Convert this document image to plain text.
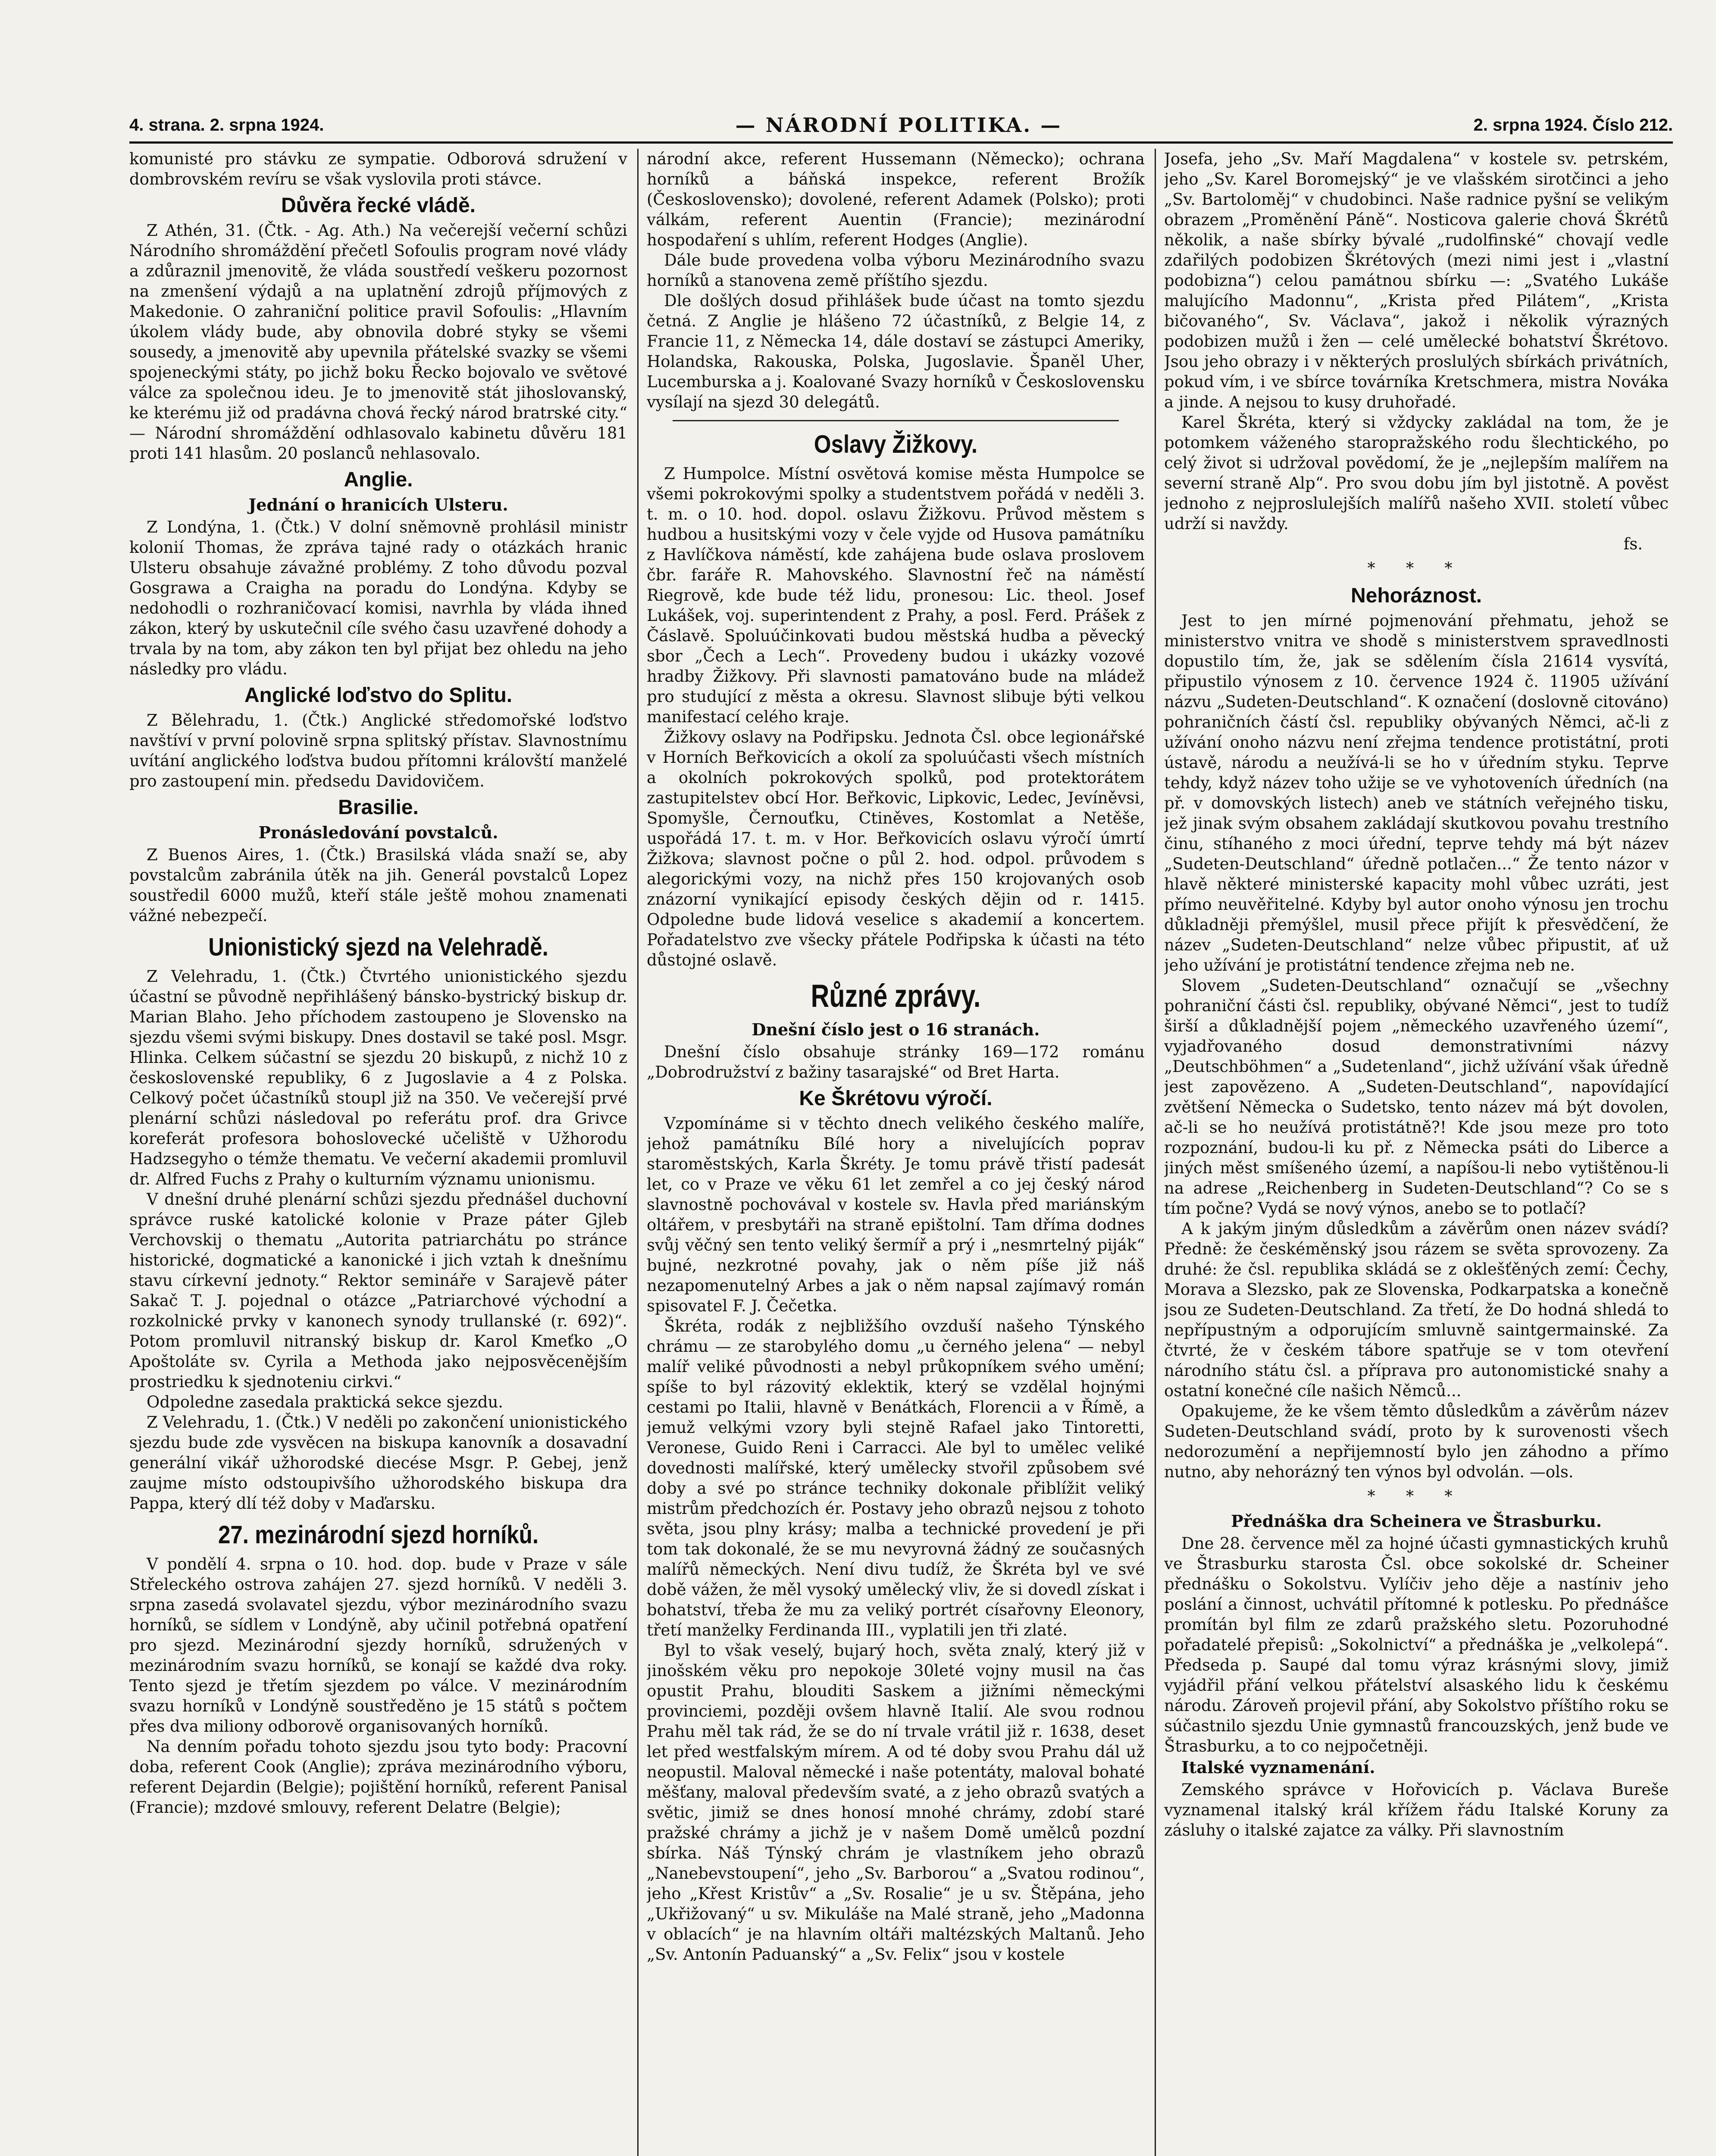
4. strana. 2. srpna 1924.	— NÁRODNÍ POLITIKA. —	2. srpna 1924. Číslo 212.

komunisté pro stávku ze sympatie. Odborová sdružení v dombrovském revíru se však vyslovila proti stávce.

Důvěra řecké vládě.

Z Athén, 31. (Čtk. - Ag. Ath.) Na večerejší večerní schůzi Národního shromáždění přečetl Sofoulis program nové vlády a zdůraznil jmenovitě, že vláda soustředí veškeru pozornost na zmenšení výdajů a na uplatnění zdrojů příjmových z Makedonie. O zahraniční politice pravil Sofoulis: „Hlavním úkolem vlády bude, aby obnovila dobré styky se všemi sousedy, a jmenovitě aby upevnila přátelské svazky se všemi spojeneckými státy, po jichž boku Řecko bojovalo ve světové válce za společnou ideu. Je to jmenovitě stát jihoslovanský, ke kterému již od pradávna chová řecký národ bratrské city.“ — Národní shromáždění odhlasovalo kabinetu důvěru 181 proti 141 hlasům. 20 poslanců nehlasovalo.

Anglie.
Jednání o hranicích Ulsteru.

Z Londýna, 1. (Čtk.) V dolní sněmovně prohlásil ministr kolonií Thomas, že zpráva tajné rady o otázkách hranic Ulsteru obsahuje závažné problémy. Z toho důvodu pozval Gosgrawa a Craigha na poradu do Londýna. Kdyby se nedohodli o rozhraničovací komisi, navrhla by vláda ihned zákon, který by uskutečnil cíle svého času uzavřené dohody a trvala by na tom, aby zákon ten byl přijat bez ohledu na jeho následky pro vládu.

Anglické loďstvo do Splitu.

Z Bělehradu, 1. (Čtk.) Anglické středomořské loďstvo navštíví v první polovině srpna splitský přístav. Slavnostnímu uvítání anglického loďstva budou přítomni královští manželé pro zastoupení min. předsedu Davidovičem.

Brasilie.
Pronásledování povstalců.

Z Buenos Aires, 1. (Čtk.) Brasilská vláda snaží se, aby povstalcům zabránila útěk na jih. Generál povstalců Lopez soustředil 6000 mužů, kteří stále ještě mohou znamenati vážné nebezpečí.

Unionistický sjezd na Velehradě.

Z Velehradu, 1. (Čtk.) Čtvrtého unionistického sjezdu účastní se původně nepřihlášený bánsko-bystrický biskup dr. Marian Blaho. Jeho příchodem zastoupeno je Slovensko na sjezdu všemi svými biskupy. Dnes dostavil se také posl. Msgr. Hlinka. Celkem súčastní se sjezdu 20 biskupů, z nichž 10 z československé republiky, 6 z Jugoslavie a 4 z Polska. Celkový počet účastníků stoupl již na 350. Ve večerejší prvé plenární schůzi následoval po referátu prof. dra Grivce koreferát profesora bohoslovecké učeliště v Užhorodu Hadzsegyho o témže thematu. Ve večerní akademii promluvil dr. Alfred Fuchs z Prahy o kulturním významu unionismu.

V dnešní druhé plenární schůzi sjezdu přednášel duchovní správce ruské katolické kolonie v Praze páter Gjleb Verchovskij o thematu „Autorita patriarchátu po stránce historické, dogmatické a kanonické i jich vztah k dnešnímu stavu církevní jednoty.“ Rektor semináře v Sarajevě páter Sakač T. J. pojednal o otázce „Patriarchové východní a rozkolnické prvky v kanonech synody trullanské (r. 692)“. Potom promluvil nitranský biskup dr. Karol Kmeťko „O Apoštoláte sv. Cyrila a Methoda jako nejposvěcenějším prostriedku k sjednoteniu cirkvi.“

Odpoledne zasedala praktická sekce sjezdu.

Z Velehradu, 1. (Čtk.) V neděli po zakončení unionistického sjezdu bude zde vysvěcen na biskupa kanovník a dosavadní generální vikář užhorodské diecése Msgr. P. Gebej, jenž zaujme místo odstoupivšího užhorodského biskupa dra Pappa, který dlí též doby v Maďarsku.

27. mezinárodní sjezd horníků.

V pondělí 4. srpna o 10. hod. dop. bude v Praze v sále Střeleckého ostrova zahájen 27. sjezd horníků. V neděli 3. srpna zasedá svolavatel sjezdu, výbor mezinárodního svazu horníků, se sídlem v Londýně, aby učinil potřebná opatření pro sjezd. Mezinárodní sjezdy horníků, sdružených v mezinárodním svazu horníků, se konají se každé dva roky. Tento sjezd je třetím sjezdem po válce. V mezinárodním svazu horníků v Londýně soustředěno je 15 států s počtem přes dva miliony odborově organisovaných horníků.

Na denním pořadu tohoto sjezdu jsou tyto body: Pracovní doba, referent Cook (Anglie); zpráva mezinárodního výboru, referent Dejardin (Belgie); pojištění horníků, referent Panisal (Francie); mzdové smlouvy, referent Delatre (Belgie);

národní akce, referent Hussemann (Německo); ochrana horníků a báňská inspekce, referent Brožík (Československo); dovolené, referent Adamek (Polsko); proti válkám, referent Auentin (Francie); mezinárodní hospodaření s uhlím, referent Hodges (Anglie).

Dále bude provedena volba výboru Mezinárodního svazu horníků a stanovena země příštího sjezdu.

Dle došlých dosud přihlášek bude účast na tomto sjezdu četná. Z Anglie je hlášeno 72 účastníků, z Belgie 14, z Francie 11, z Německa 14, dále dostaví se zástupci Ameriky, Holandska, Rakouska, Polska, Jugoslavie. Španěl Uher, Lucemburska a j. Koalované Svazy horníků v Československu vysílají na sjezd 30 delegátů.

Oslavy Žižkovy.

Z Humpolce. Místní osvětová komise města Humpolce se všemi pokrokovými spolky a studentstvem pořádá v neděli 3. t. m. o 10. hod. dopol. oslavu Žižkovu. Průvod městem s hudbou a husitskými vozy v čele vyjde od Husova památníku z Havlíčkova náměstí, kde zahájena bude oslava proslovem čbr. faráře R. Mahovského. Slavnostní řeč na náměstí Riegrově, kde bude též lidu, pronesou: Lic. theol. Josef Lukášek, voj. superintendent z Prahy, a posl. Ferd. Prášek z Čáslavě. Spoluúčinkovati budou městská hudba a pěvecký sbor „Čech a Lech“. Provedeny budou i ukázky vozové hradby Žižkovy. Při slavnosti pamatováno bude na mládež pro studující z města a okresu. Slavnost slibuje býti velkou manifestací celého kraje.

Žižkovy oslavy na Podřipsku. Jednota Čsl. obce legionářské v Horních Beřkovicích a okolí za spoluúčasti všech místních a okolních pokrokových spolků, pod protektorátem zastupitelstev obcí Hor. Beřkovic, Lipkovic, Ledec, Jevíněvsi, Spomyšle, Černouťku, Ctiněves, Kostomlat a Netěše, uspořádá 17. t. m. v Hor. Beřkovicích oslavu výročí úmrtí Žižkova; slavnost počne o půl 2. hod. odpol. průvodem s alegorickými vozy, na nichž přes 150 krojovaných osob znázorní vynikající episody českých dějin od r. 1415. Odpoledne bude lidová veselice s akademií a koncertem. Pořadatelstvo zve všecky přátele Podřipska k účasti na této důstojné oslavě.

Různé zprávy.
Dnešní číslo jest o 16 stranách.

Dnešní číslo obsahuje stránky 169—172 románu „Dobrodružství z bažiny tasarajské“ od Bret Harta.

Ke Škrétovu výročí.

Vzpomínáme si v těchto dnech velikého českého malíře, jehož památníku Bílé hory a nivelujících poprav staroměstských, Karla Škréty. Je tomu právě třistí padesát let, co v Praze ve věku 61 let zemřel a co jej český národ slavnostně pochovával v kostele sv. Havla před mariánským oltářem, v presbytáři na straně epištolní. Tam dříma dodnes svůj věčný sen tento veliký šermíř a prý i „nesmrtelný piják“ bujné, nezkrotné povahy, jak o něm píše již náš nezapomenutelný Arbes a jak o něm napsal zajímavý román spisovatel F. J. Čečetka.

Škréta, rodák z nejbližšího ovzduší našeho Týnského chrámu — ze starobylého domu „u černého jelena“ — nebyl malíř veliké původnosti a nebyl průkopníkem svého umění; spíše to byl rázovitý eklektik, který se vzdělal hojnými cestami po Italii, hlavně v Benátkách, Florencii a v Římě, a jemuž velkými vzory byli stejně Rafael jako Tintoretti, Veronese, Guido Reni i Carracci. Ale byl to umělec veliké dovednosti malířské, který umělecky stvořil způsobem své doby a své po stránce techniky dokonale přiblížit veliký mistrům předchozích ér. Postavy jeho obrazů nejsou z tohoto světa, jsou plny krásy; malba a technické provedení je při tom tak dokonalé, že se mu nevyrovná žádný ze současných malířů německých. Není divu tudíž, že Škréta byl ve své době vážen, že měl vysoký umělecký vliv, že si dovedl získat i bohatství, třeba že mu za veliký portrét císařovny Eleonory, třetí manželky Ferdinanda III., vyplatili jen tři zlaté.

Byl to však veselý, bujarý hoch, světa znalý, který již v jinošském věku pro nepokoje 30leté vojny musil na čas opustit Prahu, blouditi Saskem a jižními německými provinciemi, později ovšem hlavně Italií. Ale svou rodnou Prahu měl tak rád, že se do ní trvale vrátil již r. 1638, deset let před westfalským mírem. A od té doby svou Prahu dál už neopustil. Maloval německé i naše potentáty, maloval bohaté měšťany, maloval především svaté, a z jeho obrazů svatých a světic, jimiž se dnes honosí mnohé chrámy, zdobí staré pražské chrámy a jichž je v našem Domě umělců pozdní sbírka. Náš Týnský chrám je vlastníkem jeho obrazů „Nanebevstoupení“, jeho „Sv. Barborou“ a „Svatou rodinou“, jeho „Křest Kristův“ a „Sv. Rosalie“ je u sv. Štěpána, jeho „Ukřižovaný“ u sv. Mikuláše na Malé straně, jeho „Madonna v oblacích“ je na hlavním oltáři maltézských Maltanů. Jeho „Sv. Antonín Paduanský“ a „Sv. Felix“ jsou v kostele

Josefa, jeho „Sv. Maří Magdalena“ v kostele sv. petrském, jeho „Sv. Karel Boromejský“ je ve vlašském sirotčinci a jeho „Sv. Bartoloměj“ v chudobinci. Naše radnice pyšní se velikým obrazem „Proměnění Páně“. Nosticova galerie chová Škrétů několik, a naše sbírky bývalé „rudolfinské“ chovají vedle zdařilých podobizen Škrétových (mezi nimi jest i „vlastní podobizna“) celou památnou sbírku —: „Svatého Lukáše malujícího Madonnu“, „Krista před Pilátem“, „Krista bičovaného“, Sv. Václava“, jakož i několik výrazných podobizen mužů i žen — celé umělecké bohatství Škrétovo. Jsou jeho obrazy i v některých proslulých sbírkách privátních, pokud vím, i ve sbírce továrníka Kretschmera, mistra Nováka a jinde. A nejsou to kusy druhořadé.

Karel Škréta, který si vždycky zakládal na tom, že je potomkem váženého staropražského rodu šlechtického, po celý život si udržoval povědomí, že je „nejlepším malířem na severní straně Alp“. Pro svou dobu jím byl jistotně. A pověst jednoho z nejproslulejších malířů našeho XVII. století vůbec udrží si navždy.

fs.
* * *
Nehoráznost.

Jest to jen mírné pojmenování přehmatu, jehož se ministerstvo vnitra ve shodě s ministerstvem spravedlnosti dopustilo tím, že, jak se sdělením čísla 21614 vysvítá, připustilo výnosem z 10. července 1924 č. 11905 užívání názvu „Sudeten-Deutschland“. K označení (doslovně citováno) pohraničních částí čsl. republiky obývaných Němci, ač-li z užívání onoho názvu není zřejma tendence protistátní, proti ústavě, národu a neužívá-li se ho v úředním styku. Teprve tehdy, když název toho užije se ve vyhotoveních úředních (na př. v domovských listech) aneb ve státních veřejného tisku, jež jinak svým obsahem zakládají skutkovou povahu trestního činu, stíhaného z moci úřední, teprve tehdy má být název „Sudeten-Deutschland“ úředně potlačen...“ Že tento názor v hlavě některé ministerské kapacity mohl vůbec uzráti, jest přímo neuvěřitelné. Kdyby byl autor onoho výnosu jen trochu důkladněji přemýšlel, musil přece přijít k přesvědčení, že název „Sudeten-Deutschland“ nelze vůbec připustit, ať už jeho užívání je protistátní tendence zřejma neb ne.

Slovem „Sudeten-Deutschland“ označují se „všechny pohraniční části čsl. republiky, obývané Němci“, jest to tudíž širší a důkladnější pojem „německého uzavřeného území“, vyjadřovaného dosud demonstrativními názvy „Deutschböhmen“ a „Sudetenland“, jichž užívání však úředně jest zapovězeno. A „Sudeten-Deutschland“, napovídající zvětšení Německa o Sudetsko, tento název má být dovolen, ač-li se ho neužívá protistátně?! Kde jsou meze pro toto rozpoznání, budou-li ku př. z Německa psáti do Liberce a jiných měst smíšeného území, a napíšou-li nebo vytištěnou-li na adrese „Reichenberg in Sudeten-Deutschland“? Co se s tím počne? Vydá se nový výnos, anebo se to potlačí?

A k jakým jiným důsledkům a závěrům onen název svádí? Předně: že českéměnský jsou rázem se světa sprovozeny. Za druhé: že čsl. republika skládá se z oklešťěných zemí: Čechy, Morava a Slezsko, pak ze Slovenska, Podkarpatska a konečně jsou ze Sudeten-Deutschland. Za třetí, že Do hodná shledá to nepřípustným a odporujícím smluvně saintgermainské. Za čtvrté, že v českém tábore spatřuje se v tom otevření národního státu čsl. a příprava pro autonomistické snahy a ostatní konečné cíle našich Němců...

Opakujeme, že ke všem těmto důsledkům a závěrům název Sudeten-Deutschland svádí, proto by k surovenosti všech nedorozumění a nepřijemností bylo jen záhodno a přímo nutno, aby nehorázný ten výnos byl odvolán. —ols.

* * *
Přednáška dra Scheinera ve Štrasburku.

Dne 28. července měl za hojné účasti gymnastických kruhů ve Štrasburku starosta Čsl. obce sokolské dr. Scheiner přednášku o Sokolstvu. Vylíčiv jeho děje a nastíniv jeho poslání a činnost, uchvátil přítomné k potlesku. Po přednášce promítán byl film ze zdarů pražského sletu. Pozoruhodné pořadatelé přepisů: „Sokolnictví“ a přednáška je „velkolepá“. Předseda p. Saupé dal tomu výraz krásnými slovy, jimiž vyjádřil přání velkou přátelství alsaského lidu k českému národu. Zároveň projevil přání, aby Sokolstvo příštího roku se súčastnilo sjezdu Unie gymnastů francouzských, jenž bude ve Štrasburku, a to co nejpočetněji.

Italské vyznamenání.

Zemského správce v Hořovicích p. Václava Bureše vyznamenal italský král křížem řádu Italské Koruny za zásluhy o italské zajatce za války. Při slavnostním
